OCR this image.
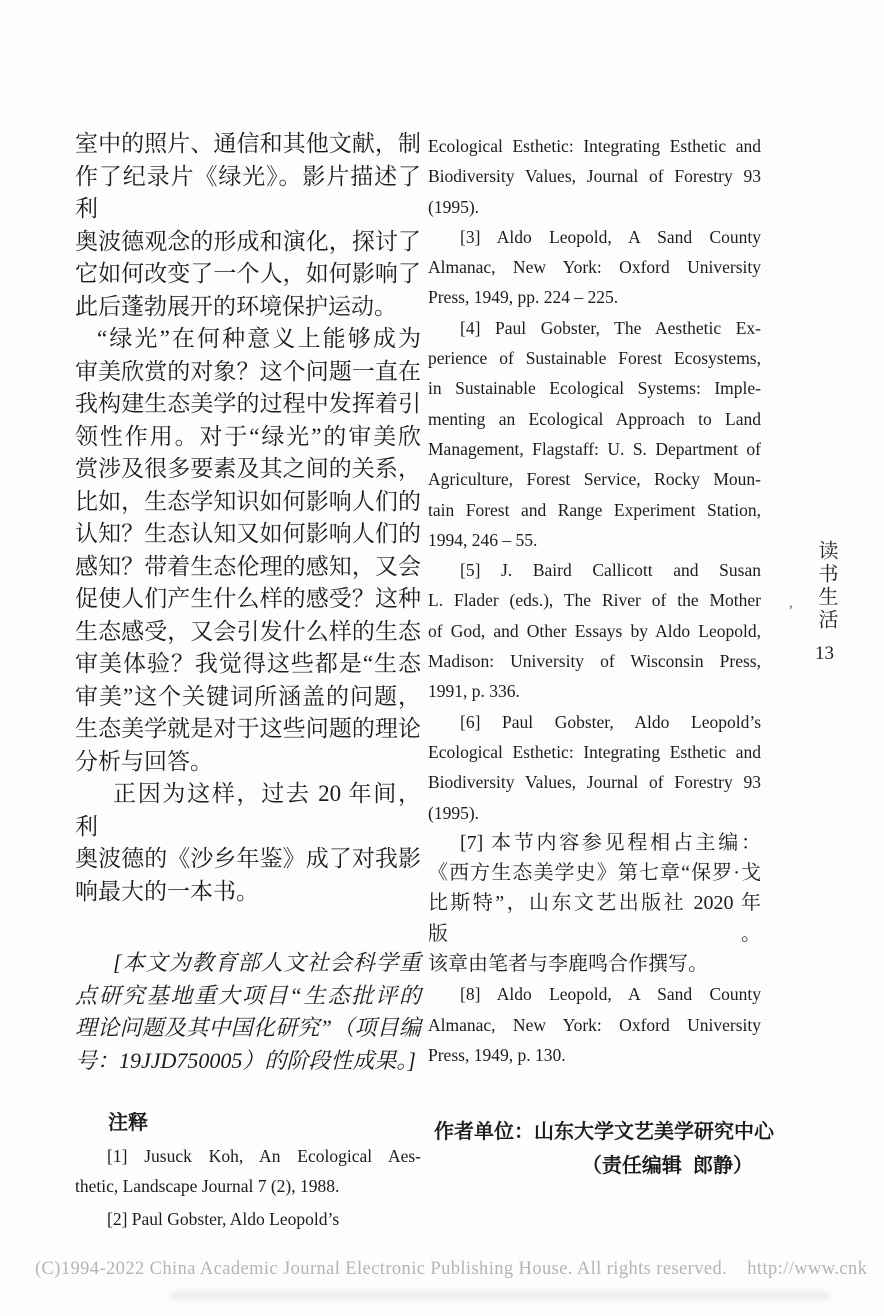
室中的照片、通信和其他文献，制
作了纪录片《绿光》。影片描述了利
奥波德观念的形成和演化，探讨了
它如何改变了一个人，如何影响了
此后蓬勃展开的环境保护运动。
“绿光”在何种意义上能够成为
审美欣赏的对象？这个问题一直在
我构建生态美学的过程中发挥着引
领性作用。对于“绿光”的审美欣
赏涉及很多要素及其之间的关系，
比如，生态学知识如何影响人们的
认知？生态认知又如何影响人们的
感知？带着生态伦理的感知，又会
促使人们产生什么样的感受？这种
生态感受，又会引发什么样的生态
审美体验？我觉得这些都是“生态
审美”这个关键词所涵盖的问题，
生态美学就是对于这些问题的理论
分析与回答。
正因为这样，过去 20 年间，利
奥波德的《沙乡年鉴》成了对我影
响最大的一本书。
[本文为教育部人文社会科学重
点研究基地重大项目“生态批评的
理论问题及其中国化研究”（项目编
号：19JJD750005）的阶段性成果。]
注释
[1] Jusuck Koh, An Ecological Aes-
thetic, Landscape Journal 7 (2), 1988.
[2] Paul Gobster, Aldo Leopold’s
Ecological Esthetic: Integrating Esthetic and
Biodiversity Values, Journal of Forestry 93
(1995).
[3] Aldo Leopold, A Sand County
Almanac, New York: Oxford University
Press, 1949, pp. 224 – 225.
[4] Paul Gobster, The Aesthetic Ex-
perience of Sustainable Forest Ecosystems,
in Sustainable Ecological Systems: Imple-
menting an Ecological Approach to Land
Management, Flagstaff: U. S. Department of
Agriculture, Forest Service, Rocky Moun-
tain Forest and Range Experiment Station,
1994, 246 – 55.
[5] J. Baird Callicott and Susan
L. Flader (eds.), The River of the Mother
of God, and Other Essays by Aldo Leopold,
Madison: University of Wisconsin Press,
1991, p. 336.
[6] Paul Gobster, Aldo Leopold’s
Ecological Esthetic: Integrating Esthetic and
Biodiversity Values, Journal of Forestry 93
(1995).
[7] 本节内容参见程相占主编：
《西方生态美学史》第七章“保罗·戈
比斯特”，山东文艺出版社 2020 年版。
该章由笔者与李鹿鸣合作撰写。
[8] Aldo Leopold, A Sand County
Almanac, New York: Oxford University
Press, 1949, p. 130.
作者单位：山东大学文艺美学研究中心
（责任编辑  郎静）
读书生活
13
,
(C)1994-2022 China Academic Journal Electronic Publishing House. All rights reserved.    http://www.cnk
